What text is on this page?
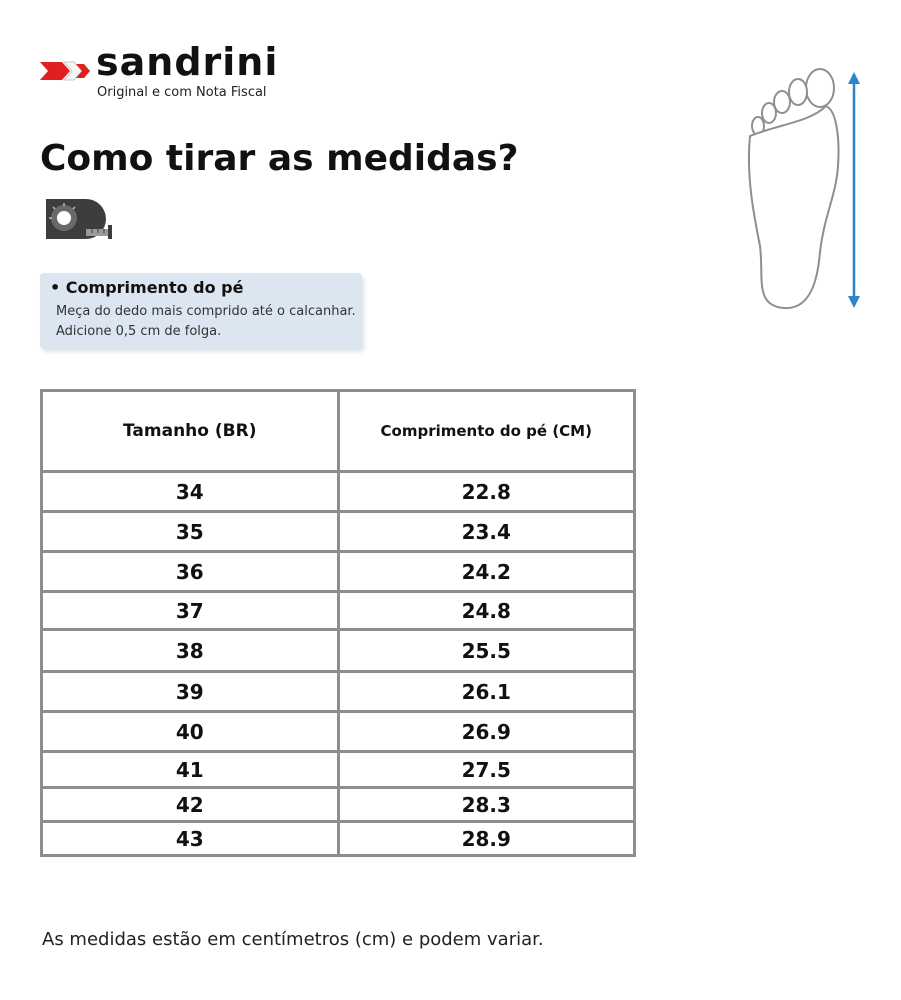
sandrini
Original e com Nota Fiscal
Como tirar as medidas?
• Comprimento do pé
Meça do dedo mais comprido até o calcanhar. Adicione 0,5 cm de folga.
Tamanho (BR)	Comprimento do pé (CM)
34	22.8
35	23.4
36	24.2
37	24.8
38	25.5
39	26.1
40	26.9
41	27.5
42	28.3
43	28.9
As medidas estão em centímetros (cm) e podem variar.
